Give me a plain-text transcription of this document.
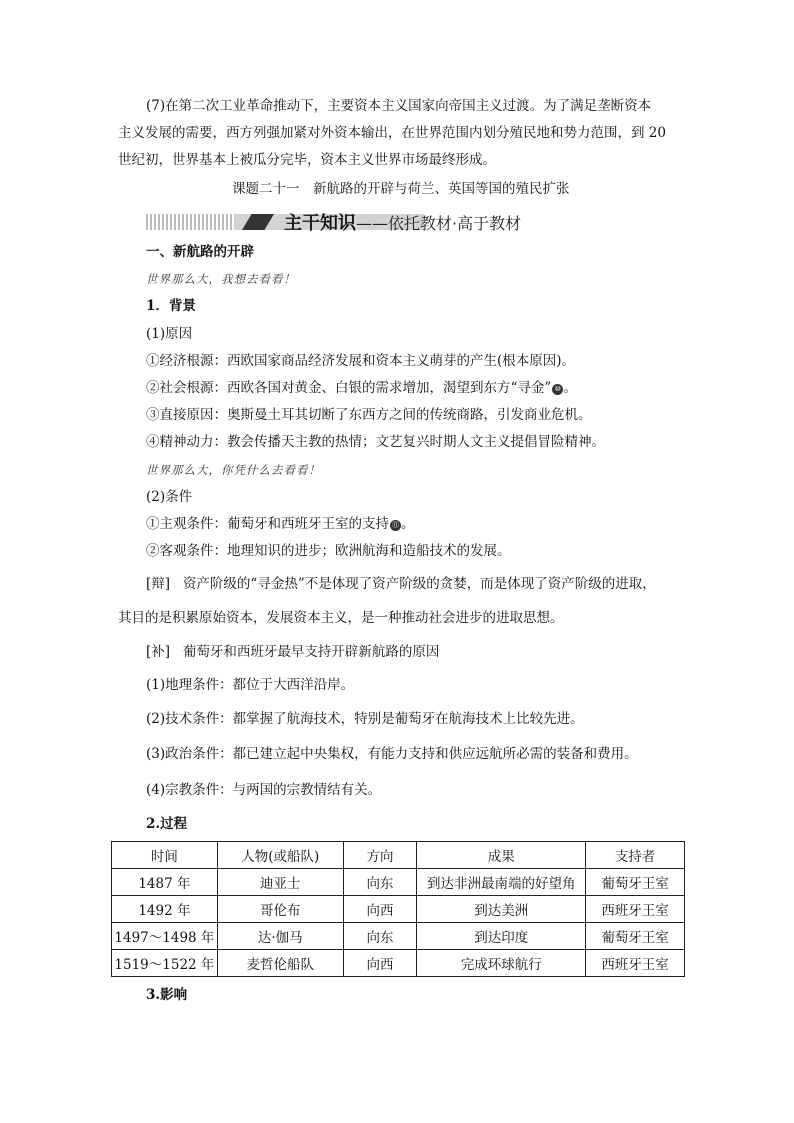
(7)在第二次工业革命推动下，主要资本主义国家向帝国主义过渡。为了满足垄断资本
主义发展的需要，西方列强加紧对外资本输出，在世界范围内划分殖民地和势力范围，到 20
世纪初，世界基本上被瓜分完毕，资本主义世界市场最终形成。
课题二十一　新航路的开辟与荷兰、英国等国的殖民扩张
主干知识——依托教材·高于教材
一、新航路的开辟
世界那么大，我想去看看！
1．背景
(1)原因
①经济根源：西欧国家商品经济发展和资本主义萌芽的产生(根本原因)。
②社会根源：西欧各国对黄金、白银的需求增加，渴望到东方“寻金” ⑩ 。
③直接原因：奥斯曼土耳其切断了东西方之间的传统商路，引发商业危机。
④精神动力：教会传播天主教的热情；文艺复兴时期人文主义提倡冒险精神。
世界那么大，你凭什么去看看！
(2)条件
①主观条件：葡萄牙和西班牙王室的支持 ⑪ 。
②客观条件：地理知识的进步；欧洲航海和造船技术的发展。
[辩] 资产阶级的“寻金热”不是体现了资产阶级的贪婪，而是体现了资产阶级的进取，
其目的是积累原始资本，发展资本主义，是一种推动社会进步的进取思想。
[补] 葡萄牙和西班牙最早支持开辟新航路的原因
(1)地理条件：都位于大西洋沿岸。
(2)技术条件：都掌握了航海技术，特别是葡萄牙在航海技术上比较先进。
(3)政治条件：都已建立起中央集权，有能力支持和供应远航所必需的装备和费用。
(4)宗教条件：与两国的宗教情结有关。
2.过程
时间	人物(或船队)	方向	成果	支持者
1487 年	迪亚士	向东	到达非洲最南端的好望角	葡萄牙王室
1492 年	哥伦布	向西	到达美洲	西班牙王室
1497～1498 年	达·伽马	向东	到达印度	葡萄牙王室
1519～1522 年	麦哲伦船队	向西	完成环球航行	西班牙王室
3.影响
